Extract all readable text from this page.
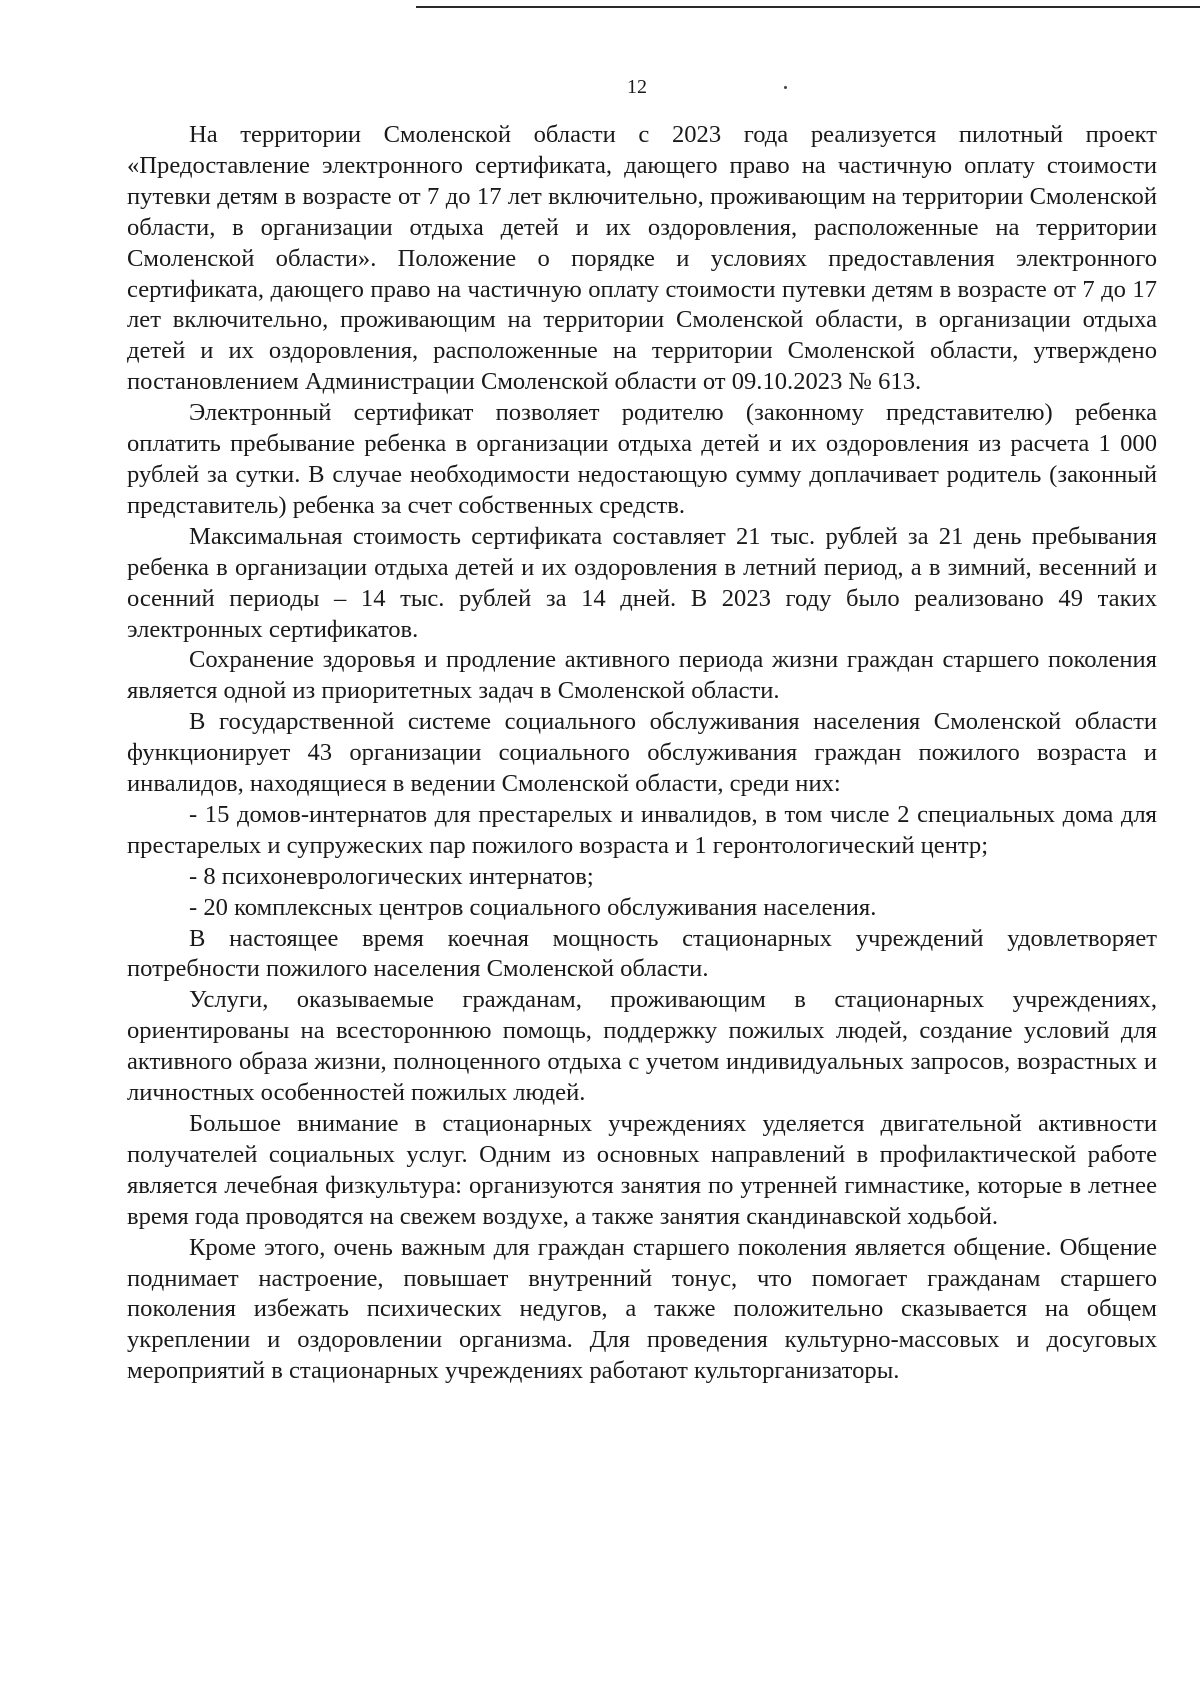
12

На территории Смоленской области с 2023 года реализуется пилотный проект «Предоставление электронного сертификата, дающего право на частичную оплату стоимости путевки детям в возрасте от 7 до 17 лет включительно, проживающим на территории Смоленской области, в организации отдыха детей и их оздоровления, расположенные на территории Смоленской области». Положение о порядке и условиях предоставления электронного сертификата, дающего право на частичную оплату стоимости путевки детям в возрасте от 7 до 17 лет включительно, проживающим на территории Смоленской области, в организации отдыха детей и их оздоровления, расположенные на территории Смоленской области, утверждено постановлением Администрации Смоленской области от 09.10.2023 № 613.

Электронный сертификат позволяет родителю (законному представителю) ребенка оплатить пребывание ребенка в организации отдыха детей и их оздоровления из расчета 1 000 рублей за сутки. В случае необходимости недостающую сумму доплачивает родитель (законный представитель) ребенка за счет собственных средств.

Максимальная стоимость сертификата составляет 21 тыс. рублей за 21 день пребывания ребенка в организации отдыха детей и их оздоровления в летний период, а в зимний, весенний и осенний периоды – 14 тыс. рублей за 14 дней. В 2023 году было реализовано 49 таких электронных сертификатов.

Сохранение здоровья и продление активного периода жизни граждан старшего поколения является одной из приоритетных задач в Смоленской области.

В государственной системе социального обслуживания населения Смоленской области функционирует 43 организации социального обслуживания граждан пожилого возраста и инвалидов, находящиеся в ведении Смоленской области, среди них:

- 15 домов-интернатов для престарелых и инвалидов, в том числе 2 специальных дома для престарелых и супружеских пар пожилого возраста и 1 геронтологический центр;

- 8 психоневрологических интернатов;

- 20 комплексных центров социального обслуживания населения.

В настоящее время коечная мощность стационарных учреждений удовлетворяет потребности пожилого населения Смоленской области.

Услуги, оказываемые гражданам, проживающим в стационарных учреждениях, ориентированы на всестороннюю помощь, поддержку пожилых людей, создание условий для активного образа жизни, полноценного отдыха с учетом индивидуальных запросов, возрастных и личностных особенностей пожилых людей.

Большое внимание в стационарных учреждениях уделяется двигательной активности получателей социальных услуг. Одним из основных направлений в профилактической работе является лечебная физкультура: организуются занятия по утренней гимнастике, которые в летнее время года проводятся на свежем воздухе, а также занятия скандинавской ходьбой.

Кроме этого, очень важным для граждан старшего поколения является общение. Общение поднимает настроение, повышает внутренний тонус, что помогает гражданам старшего поколения избежать психических недугов, а также положительно сказывается на общем укреплении и оздоровлении организма. Для проведения культурно-массовых и досуговых мероприятий в стационарных учреждениях работают культорганизаторы.
